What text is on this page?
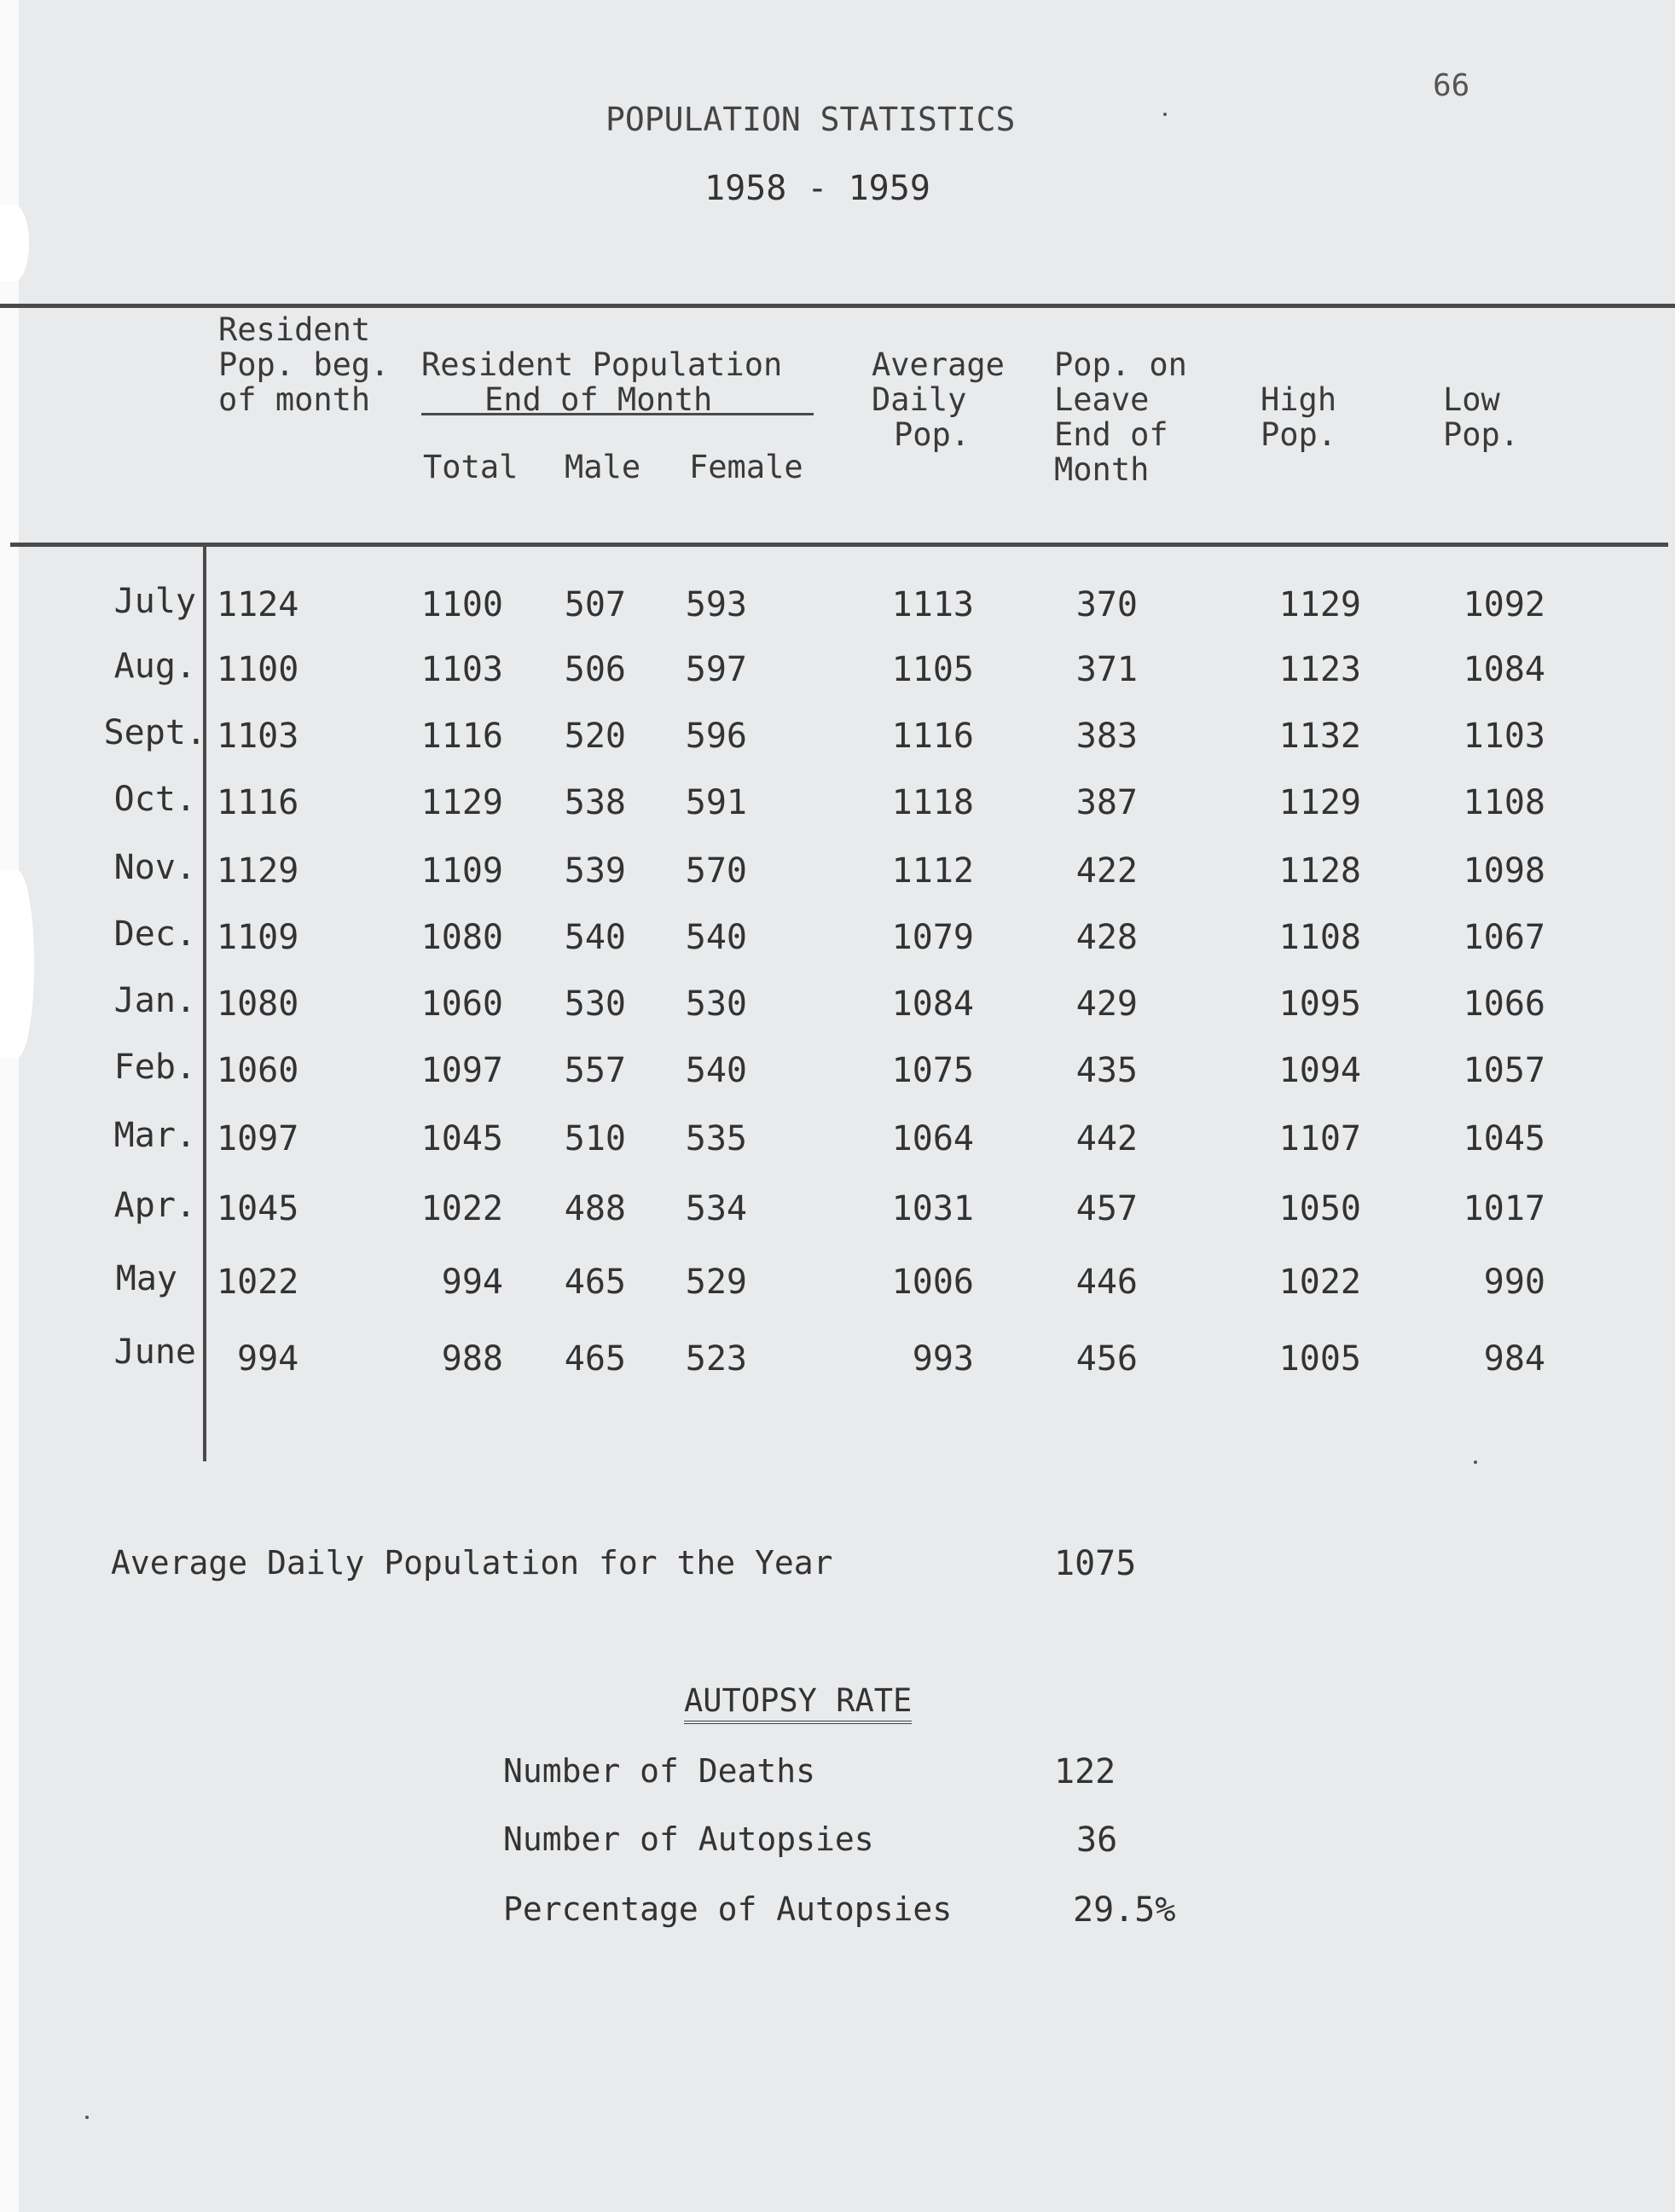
66
POPULATION STATISTICS
1958 - 1959
Resident
Pop. beg.
of month
Resident Population
End of Month
Total Male Female
Average
Daily
Pop.
Pop. on
Leave
End of
Month
High
Pop.
Low
Pop.
July 1124	1100 507 593	1113	370	1129	1092
Aug. 1100	1103 506 597	1105	371	1123	1084
Sept. 1103	1116 520 596	1116	383	1132	1103
Oct. 1116	1129 538 591	1118	387	1129	1108
Nov. 1129	1109 539 570	1112	422	1128	1098
Dec. 1109	1080 540 540	1079	428	1108	1067
Jan. 1080	1060 530 530	1084	429	1095	1066
Feb. 1060	1097 557 540	1075	435	1094	1057
Mar. 1097	1045 510 535	1064	442	1107	1045
Apr. 1045	1022 488 534	1031	457	1050	1017
May 1022	994 465 529	1006	446	1022	990
June 994	988 465 523	993	456	1005	984
Average Daily Population for the Year	1075
AUTOPSY RATE
Number of Deaths	122
Number of Autopsies	36
Percentage of Autopsies	29.5%
